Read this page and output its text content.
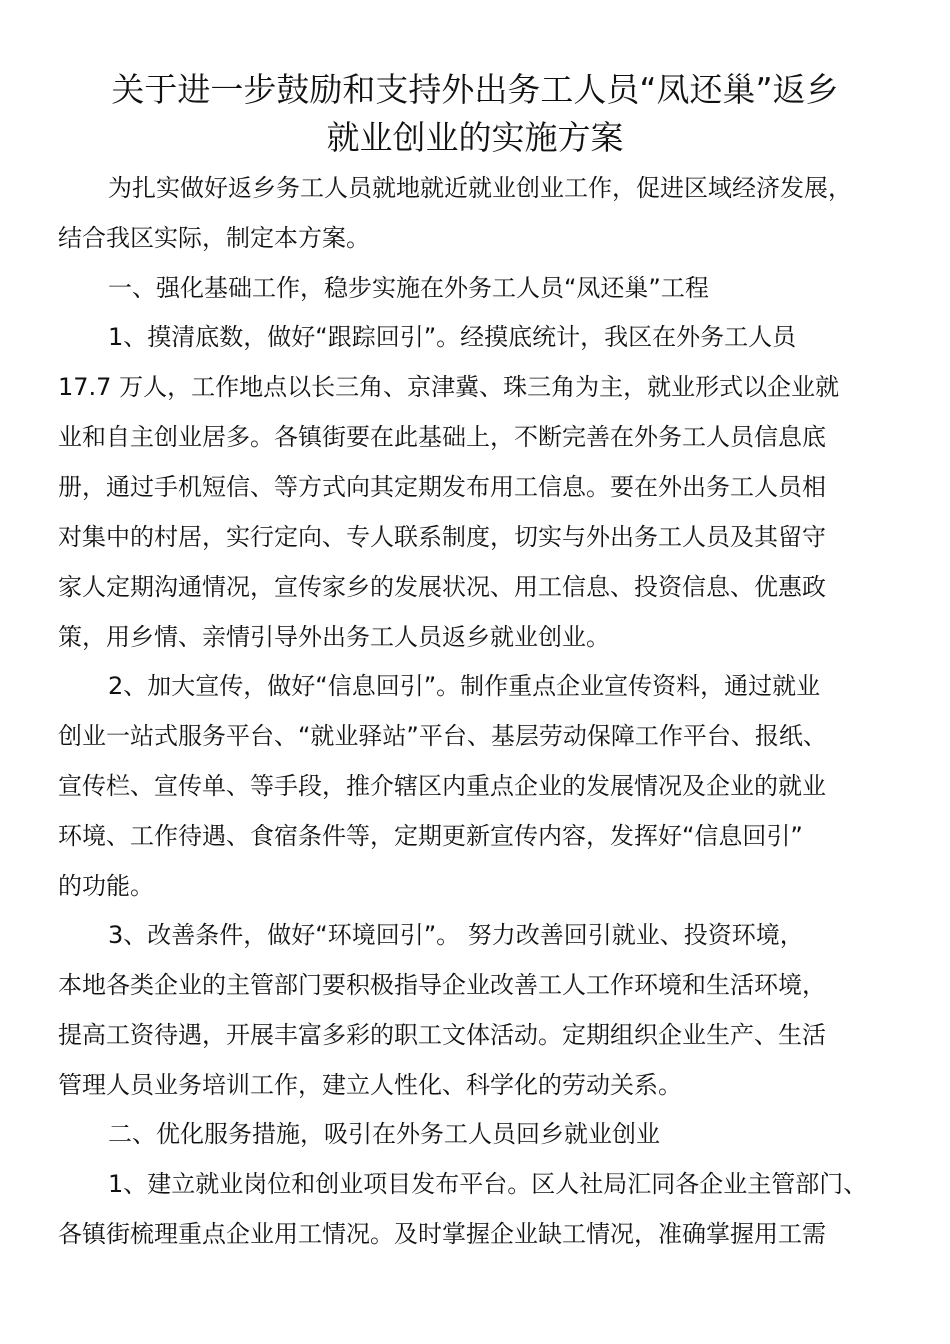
关于进一步鼓励和支持外出务工人员“凤还巢”返乡
就业创业的实施方案
为扎实做好返乡务工人员就地就近就业创业工作，促进区域经济发展，
结合我区实际，制定本方案。
一、强化基础工作，稳步实施在外务工人员“凤还巢”工程
1、摸清底数，做好“跟踪回引”。经摸底统计，我区在外务工人员
17.7 万人，工作地点以长三角、京津冀、珠三角为主，就业形式以企业就
业和自主创业居多。各镇街要在此基础上，不断完善在外务工人员信息底
册，通过手机短信、等方式向其定期发布用工信息。要在外出务工人员相
对集中的村居，实行定向、专人联系制度，切实与外出务工人员及其留守
家人定期沟通情况，宣传家乡的发展状况、用工信息、投资信息、优惠政
策，用乡情、亲情引导外出务工人员返乡就业创业。
2、加大宣传，做好“信息回引”。制作重点企业宣传资料，通过就业
创业一站式服务平台、“就业驿站”平台、基层劳动保障工作平台、报纸、
宣传栏、宣传单、等手段，推介辖区内重点企业的发展情况及企业的就业
环境、工作待遇、食宿条件等，定期更新宣传内容，发挥好“信息回引”
的功能。
3、改善条件，做好“环境回引”。 努力改善回引就业、投资环境，
本地各类企业的主管部门要积极指导企业改善工人工作环境和生活环境，
提高工资待遇，开展丰富多彩的职工文体活动。定期组织企业生产、生活
管理人员业务培训工作，建立人性化、科学化的劳动关系。
二、优化服务措施，吸引在外务工人员回乡就业创业
1、建立就业岗位和创业项目发布平台。区人社局汇同各企业主管部门、
各镇街梳理重点企业用工情况。及时掌握企业缺工情况，准确掌握用工需
